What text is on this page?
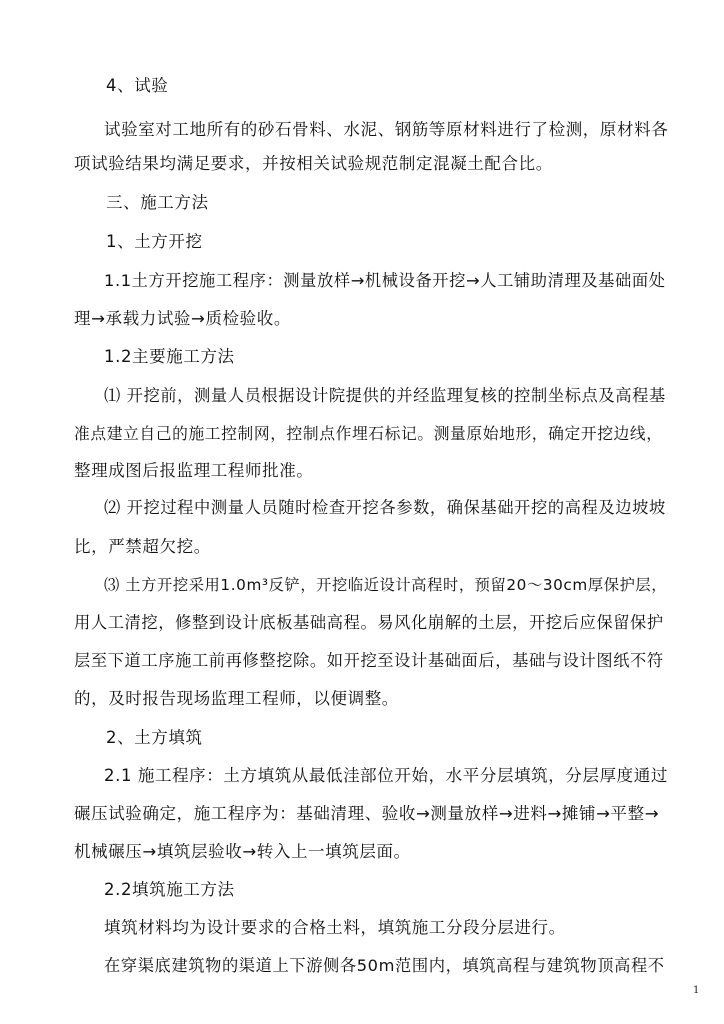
4、试验
试验室对工地所有的砂石骨料、水泥、钢筋等原材料进行了检测，原材料各
项试验结果均满足要求，并按相关试验规范制定混凝土配合比。
三、施工方法
1、土方开挖
1.1土方开挖施工程序：测量放样→机械设备开挖→人工铺助清理及基础面处
理→承载力试验→质检验收。
1.2主要施工方法
⑴ 开挖前，测量人员根据设计院提供的并经监理复核的控制坐标点及高程基
准点建立自己的施工控制网，控制点作埋石标记。测量原始地形，确定开挖边线，
整理成图后报监理工程师批准。
⑵ 开挖过程中测量人员随时检查开挖各参数，确保基础开挖的高程及边坡坡
比，严禁超欠挖。
⑶ 土方开挖采用1.0m³反铲，开挖临近设计高程时，预留20～30cm厚保护层，
用人工清挖，修整到设计底板基础高程。易风化崩解的土层，开挖后应保留保护
层至下道工序施工前再修整挖除。如开挖至设计基础面后，基础与设计图纸不符
的，及时报告现场监理工程师，以便调整。
2、土方填筑
2.1 施工程序：土方填筑从最低洼部位开始，水平分层填筑，分层厚度通过
碾压试验确定，施工程序为：基础清理、验收→测量放样→进料→摊铺→平整→
机械碾压→填筑层验收→转入上一填筑层面。
2.2填筑施工方法
填筑材料均为设计要求的合格土料，填筑施工分段分层进行。
在穿渠底建筑物的渠道上下游侧各50m范围内，填筑高程与建筑物顶高程不
1
